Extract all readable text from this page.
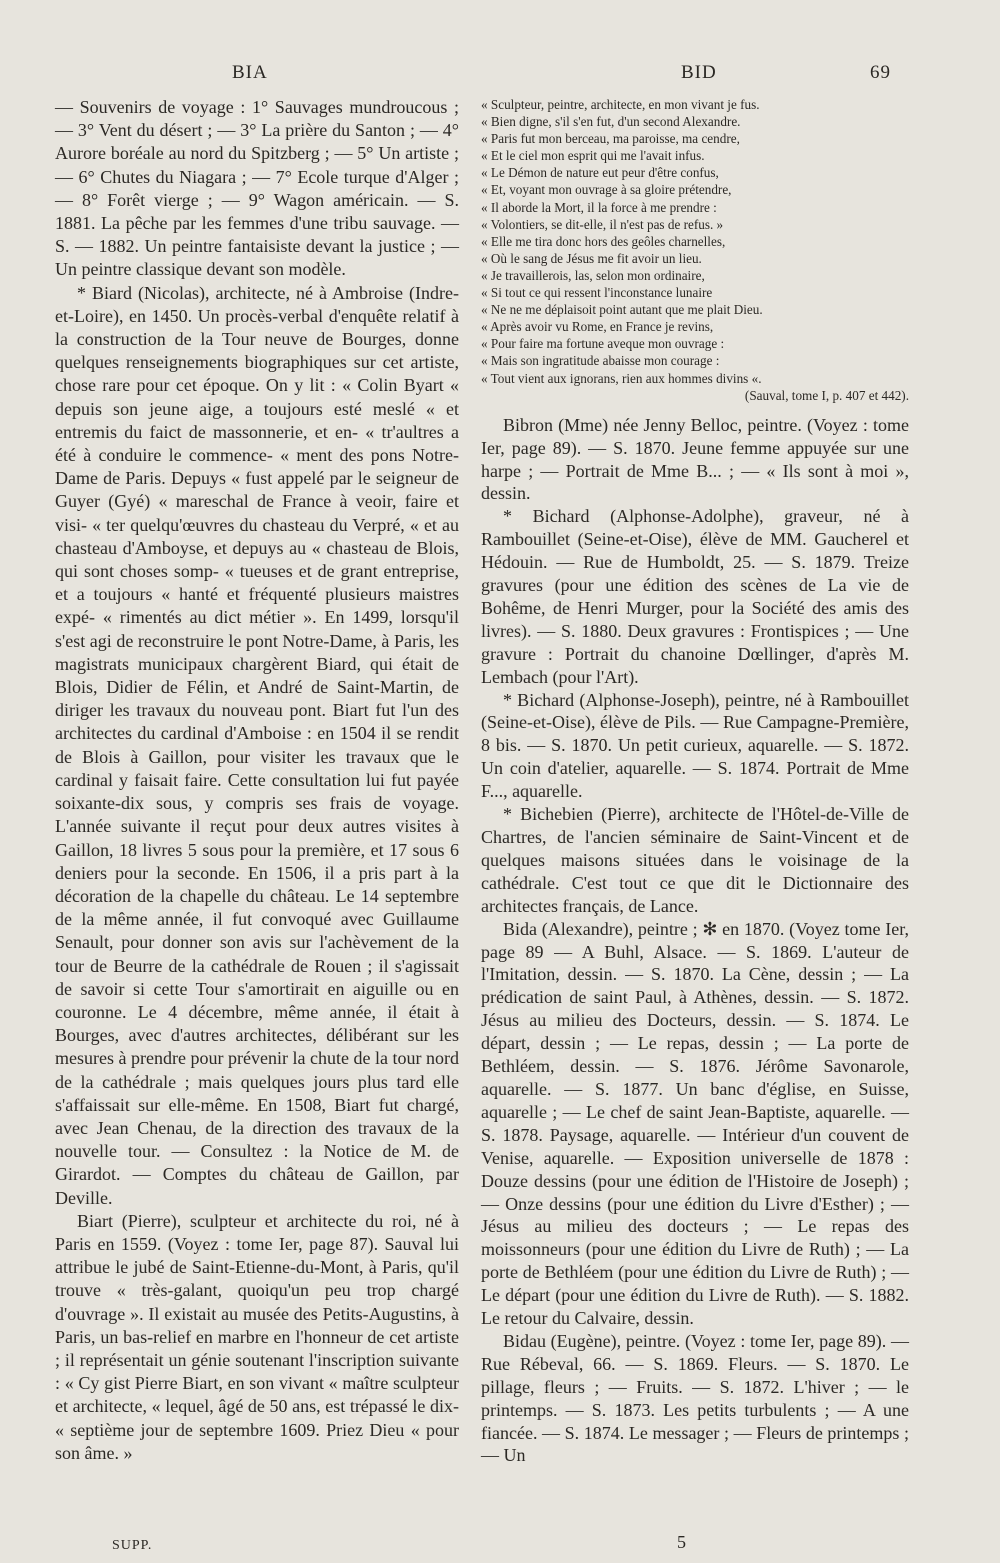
BIA	BID	69

— Souvenirs de voyage : 1° Sauvages mundroucous ; — 3° Vent du désert ; — 3° La prière du Santon ; — 4° Aurore boréale au nord du Spitzberg ; — 5° Un artiste ; — 6° Chutes du Niagara ; — 7° Ecole turque d'Alger ; — 8° Forêt vierge ; — 9° Wagon américain. — S. 1881. La pêche par les femmes d'une tribu sauvage. — S. — 1882. Un peintre fantaisiste devant la justice ; — Un peintre classique devant son modèle.

* Biard (Nicolas), architecte, né à Ambroise (Indre-et-Loire), en 1450. Un procès-verbal d'enquête relatif à la construction de la Tour neuve de Bourges, donne quelques renseignements biographiques sur cet artiste, chose rare pour cet époque. On y lit : « Colin Byart « depuis son jeune aige, a toujours esté meslé « et entremis du faict de massonnerie, et en- « tr'aultres a été à conduire le commence- « ment des pons Notre-Dame de Paris. Depuys « fust appelé par le seigneur de Guyer (Gyé) « mareschal de France à veoir, faire et visi- « ter quelqu'œuvres du chasteau du Verpré, « et au chasteau d'Amboyse, et depuys au « chasteau de Blois, qui sont choses somp- « tueuses et de grant entreprise, et a toujours « hanté et fréquenté plusieurs maistres expé- « rimentés au dict métier ». En 1499, lorsqu'il s'est agi de reconstruire le pont Notre-Dame, à Paris, les magistrats municipaux chargèrent Biard, qui était de Blois, Didier de Félin, et André de Saint-Martin, de diriger les travaux du nouveau pont. Biart fut l'un des architectes du cardinal d'Amboise : en 1504 il se rendit de Blois à Gaillon, pour visiter les travaux que le cardinal y faisait faire. Cette consultation lui fut payée soixante-dix sous, y compris ses frais de voyage. L'année suivante il reçut pour deux autres visites à Gaillon, 18 livres 5 sous pour la première, et 17 sous 6 deniers pour la seconde. En 1506, il a pris part à la décoration de la chapelle du château. Le 14 septembre de la même année, il fut convoqué avec Guillaume Senault, pour donner son avis sur l'achèvement de la tour de Beurre de la cathédrale de Rouen ; il s'agissait de savoir si cette Tour s'amortirait en aiguille ou en couronne. Le 4 décembre, même année, il était à Bourges, avec d'autres architectes, délibérant sur les mesures à prendre pour prévenir la chute de la tour nord de la cathédrale ; mais quelques jours plus tard elle s'affaissait sur elle-même. En 1508, Biart fut chargé, avec Jean Chenau, de la direction des travaux de la nouvelle tour. — Consultez : la Notice de M. de Girardot. — Comptes du château de Gaillon, par Deville.

Biart (Pierre), sculpteur et architecte du roi, né à Paris en 1559. (Voyez : tome Ier, page 87). Sauval lui attribue le jubé de Saint-Etienne-du-Mont, à Paris, qu'il trouve « très-galant, quoiqu'un peu trop chargé d'ouvrage ». Il existait au musée des Petits-Augustins, à Paris, un bas-relief en marbre en l'honneur de cet artiste ; il représentait un génie soutenant l'inscription suivante : « Cy gist Pierre Biart, en son vivant « maître sculpteur et architecte, « lequel, âgé de 50 ans, est trépassé le dix- « septième jour de septembre 1609. Priez Dieu « pour son âme. »

« Sculpteur, peintre, architecte, en mon vivant je fus.
« Bien digne, s'il s'en fut, d'un second Alexandre.
« Paris fut mon berceau, ma paroisse, ma cendre,
« Et le ciel mon esprit qui me l'avait infus.
« Le Démon de nature eut peur d'être confus,
« Et, voyant mon ouvrage à sa gloire prétendre,
« Il aborde la Mort, il la force à me prendre :
« Volontiers, se dit-elle, il n'est pas de refus. »
« Elle me tira donc hors des geôles charnelles,
« Où le sang de Jésus me fit avoir un lieu.
« Je travaillerois, las, selon mon ordinaire,
« Si tout ce qui ressent l'inconstance lunaire
« Ne ne me déplaisoit point autant que me plait Dieu.
« Après avoir vu Rome, en France je revins,
« Pour faire ma fortune aveque mon ouvrage :
« Mais son ingratitude abaisse mon courage :
« Tout vient aux ignorans, rien aux hommes divins «.
(Sauval, tome I, p. 407 et 442).

Bibron (Mme) née Jenny Belloc, peintre. (Voyez : tome Ier, page 89). — S. 1870. Jeune femme appuyée sur une harpe ; — Portrait de Mme B... ; — « Ils sont à moi », dessin.

* Bichard (Alphonse-Adolphe), graveur, né à Rambouillet (Seine-et-Oise), élève de MM. Gaucherel et Hédouin. — Rue de Humboldt, 25. — S. 1879. Treize gravures (pour une édition des scènes de La vie de Bohême, de Henri Murger, pour la Société des amis des livres). — S. 1880. Deux gravures : Frontispices ; — Une gravure : Portrait du chanoine Dœllinger, d'après M. Lembach (pour l'Art).

* Bichard (Alphonse-Joseph), peintre, né à Rambouillet (Seine-et-Oise), élève de Pils. — Rue Campagne-Première, 8 bis. — S. 1870. Un petit curieux, aquarelle. — S. 1872. Un coin d'atelier, aquarelle. — S. 1874. Portrait de Mme F..., aquarelle.

* Bichebien (Pierre), architecte de l'Hôtel-de-Ville de Chartres, de l'ancien séminaire de Saint-Vincent et de quelques maisons situées dans le voisinage de la cathédrale. C'est tout ce que dit le Dictionnaire des architectes français, de Lance.

Bida (Alexandre), peintre ; ✻ en 1870. (Voyez tome Ier, page 89 — A Buhl, Alsace. — S. 1869. L'auteur de l'Imitation, dessin. — S. 1870. La Cène, dessin ; — La prédication de saint Paul, à Athènes, dessin. — S. 1872. Jésus au milieu des Docteurs, dessin. — S. 1874. Le départ, dessin ; — Le repas, dessin ; — La porte de Bethléem, dessin. — S. 1876. Jérôme Savonarole, aquarelle. — S. 1877. Un banc d'église, en Suisse, aquarelle ; — Le chef de saint Jean-Baptiste, aquarelle. — S. 1878. Paysage, aquarelle. — Intérieur d'un couvent de Venise, aquarelle. — Exposition universelle de 1878 : Douze dessins (pour une édition de l'Histoire de Joseph) ; — Onze dessins (pour une édition du Livre d'Esther) ; — Jésus au milieu des docteurs ; — Le repas des moissonneurs (pour une édition du Livre de Ruth) ; — La porte de Bethléem (pour une édition du Livre de Ruth) ; — Le départ (pour une édition du Livre de Ruth). — S. 1882. Le retour du Calvaire, dessin.

Bidau (Eugène), peintre. (Voyez : tome Ier, page 89). — Rue Rébeval, 66. — S. 1869. Fleurs. — S. 1870. Le pillage, fleurs ; — Fruits. — S. 1872. L'hiver ; — le printemps. — S. 1873. Les petits turbulents ; — A une fiancée. — S. 1874. Le messager ; — Fleurs de printemps ; — Un

SUPP.	5
